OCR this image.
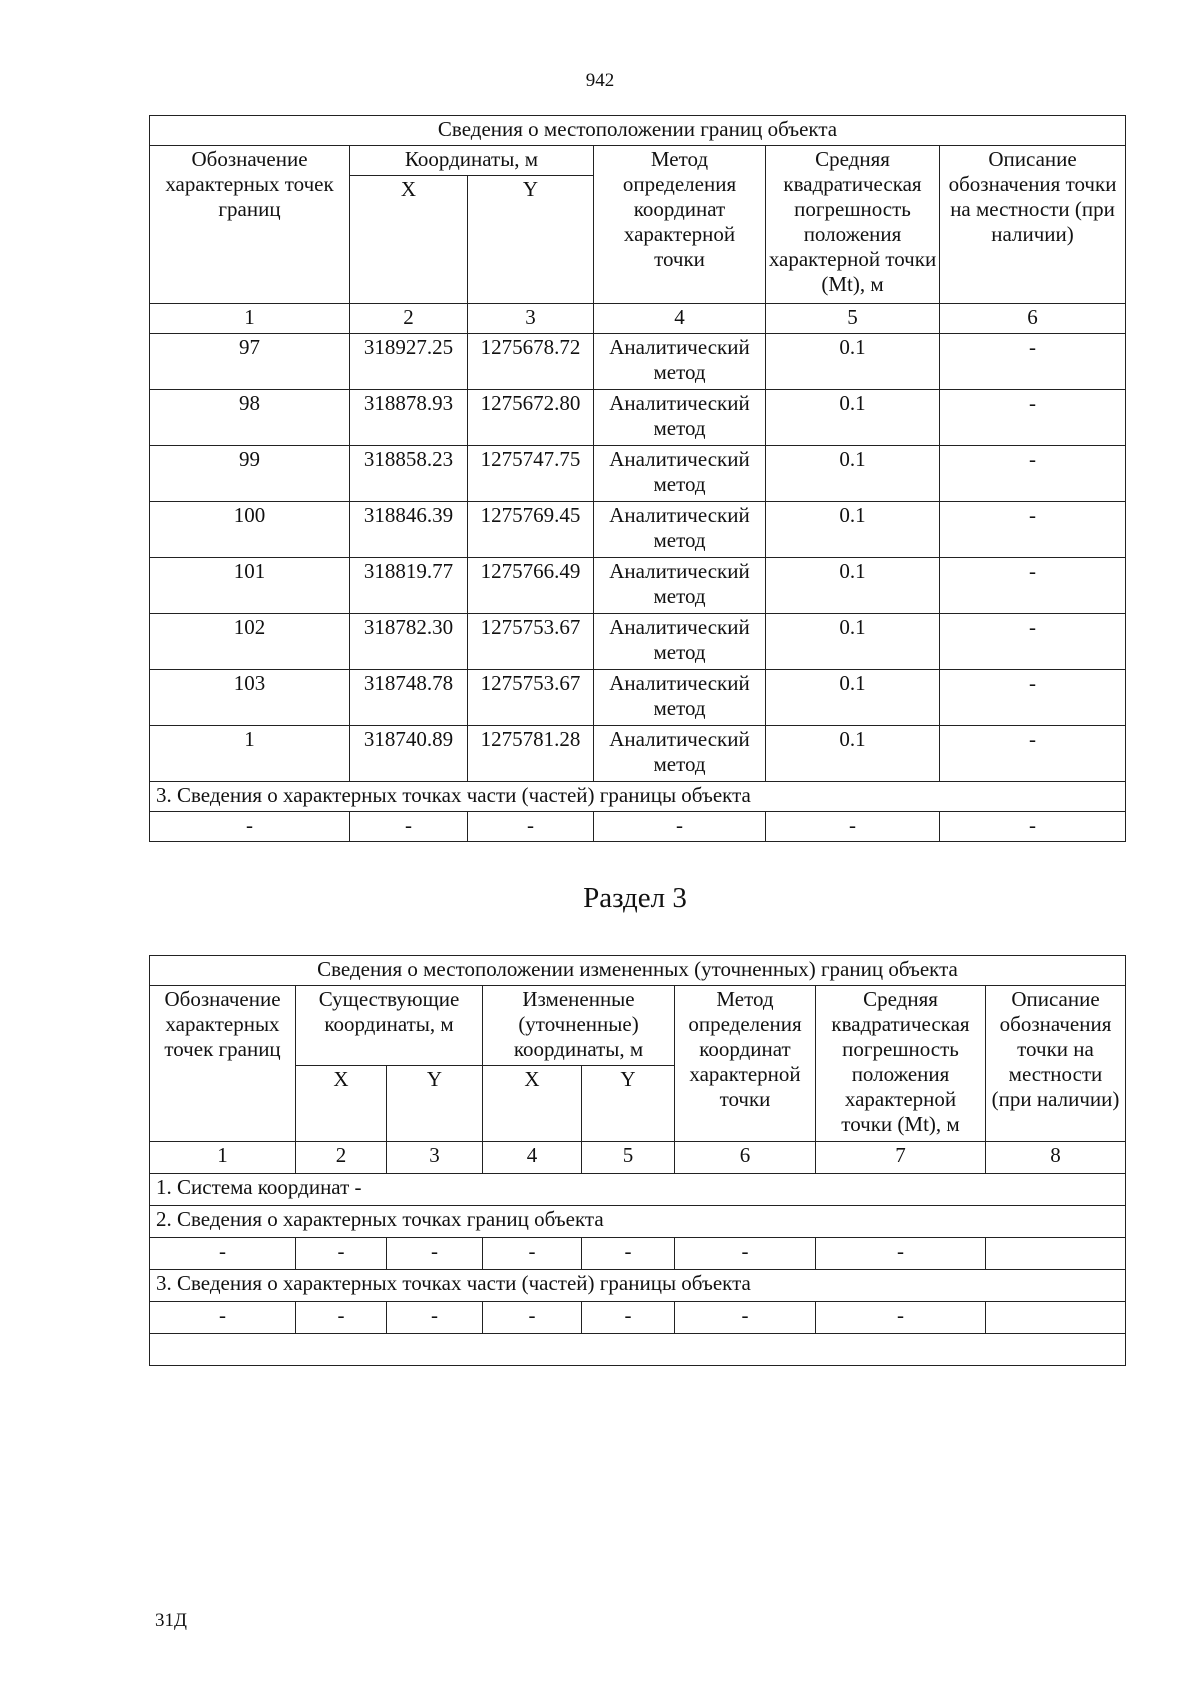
942
Сведения о местоположении границ объекта					
Обозначение характерных точек границ	Координаты, м		Метод определения координат характерной точки	Средняя квадратическая погрешность положения характерной точки (Mt), м	Описание обозначения точки на местности (при наличии)
	X	Y			
1	2	3	4	5	6
97	318927.25	1275678.72	Аналитический метод	0.1	-
98	318878.93	1275672.80	Аналитический метод	0.1	-
99	318858.23	1275747.75	Аналитический метод	0.1	-
100	318846.39	1275769.45	Аналитический метод	0.1	-
101	318819.77	1275766.49	Аналитический метод	0.1	-
102	318782.30	1275753.67	Аналитический метод	0.1	-
103	318748.78	1275753.67	Аналитический метод	0.1	-
1	318740.89	1275781.28	Аналитический метод	0.1	-
3. Сведения о характерных точках части (частей) границы объекта					
-	-	-	-	-	-
Раздел 3
Сведения о местоположении измененных (уточненных) границ объекта							
Обозначение характерных точек границ	Существующие координаты, м		Измененные (уточненные) координаты, м		Метод определения координат характерной точки	Средняя квадратическая погрешность положения характерной точки (Mt), м	Описание обозначения точки на местности (при наличии)
	X	Y	X	Y			
1	2	3	4	5	6	7	8
1. Система координат -							
2. Сведения о характерных точках границ объекта							
-	-	-	-	-	-	-	
3. Сведения о характерных точках части (частей) границы объекта							
-	-	-	-	-	-	-	

31Д
